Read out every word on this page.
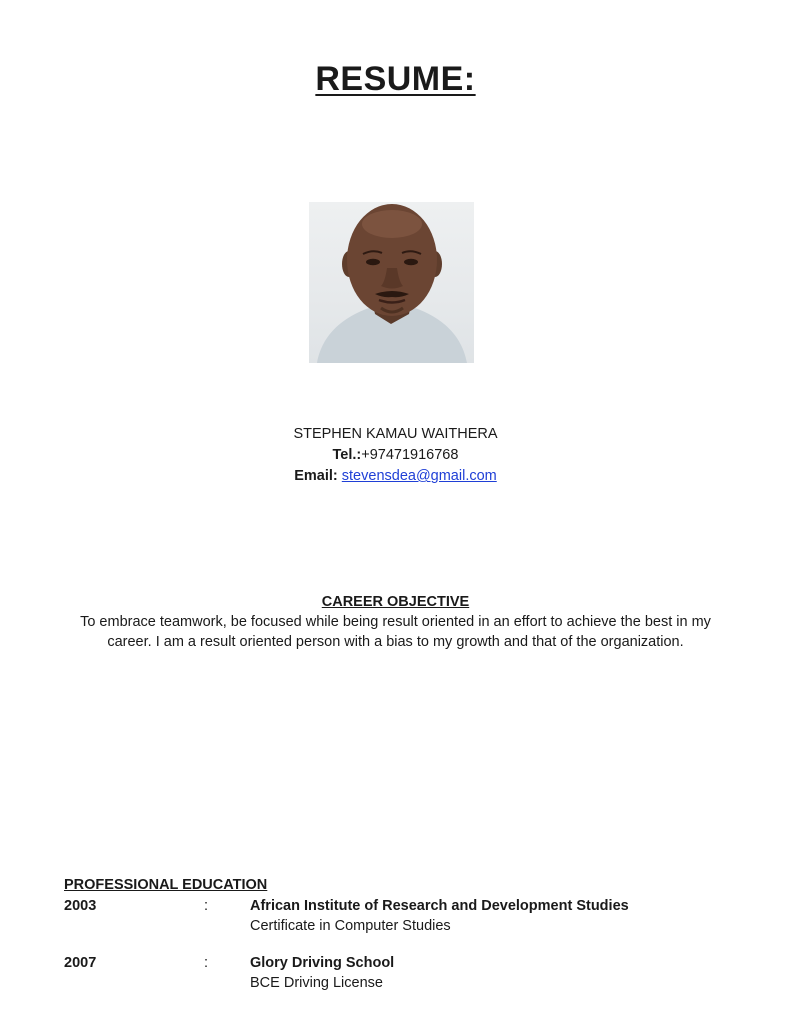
RESUME:
STEPHEN KAMAU WAITHERA
Tel.:+97471916768
Email: stevensdea@gmail.com
CAREER OBJECTIVE
To embrace teamwork, be focused while being result oriented in an effort to achieve the best in my career. I am a result oriented person with a bias to my growth and that of the organization.
PROFESSIONAL EDUCATION
2003	:	African Institute of Research and Development Studies
Certificate in Computer Studies
2007	:	Glory Driving School
BCE Driving License
